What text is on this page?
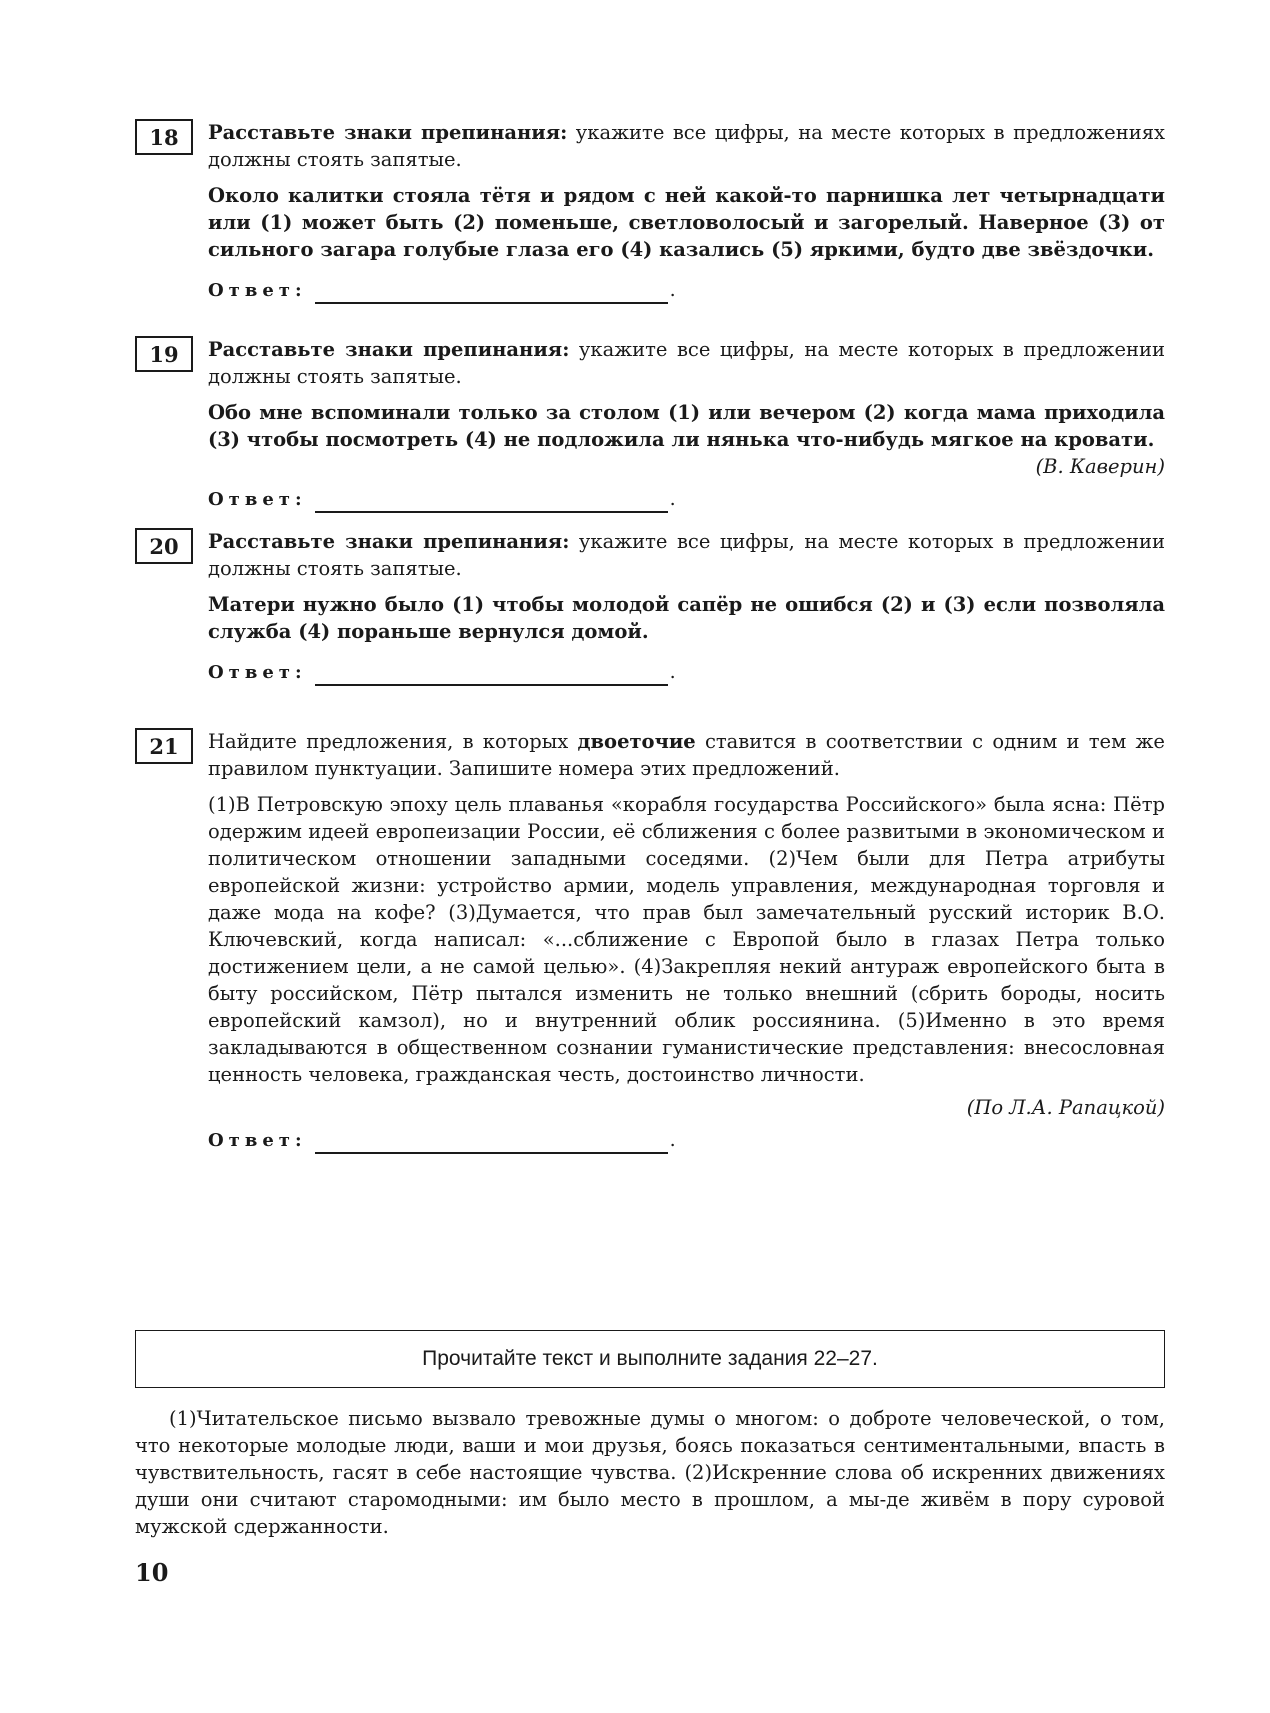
18	Расставьте знаки препинания: укажите все цифры, на месте которых в предложениях должны стоять запятые.
Около калитки стояла тётя и рядом с ней какой-то парнишка лет четырнадцати или (1) может быть (2) поменьше, светловолосый и загорелый. Наверное (3) от сильного загара голубые глаза его (4) казались (5) яркими, будто две звёздочки.
Ответ:	.
19	Расставьте знаки препинания: укажите все цифры, на месте которых в предложении должны стоять запятые.
Обо мне вспоминали только за столом (1) или вечером (2) когда мама приходила (3) чтобы посмотреть (4) не подложила ли нянька что-нибудь мягкое на кровати.
(В. Каверин)
Ответ:	.
20	Расставьте знаки препинания: укажите все цифры, на месте которых в предложении должны стоять запятые.
Матери нужно было (1) чтобы молодой сапёр не ошибся (2) и (3) если позволяла служба (4) пораньше вернулся домой.
Ответ:	.
21	Найдите предложения, в которых двоеточие ставится в соответствии с одним и тем же правилом пунктуации. Запишите номера этих предложений.
(1)В Петровскую эпоху цель плаванья «корабля государства Российского» была ясна: Пётр одержим идеей европеизации России, её сближения с более развитыми в экономическом и политическом отношении западными соседями. (2)Чем были для Петра атрибуты европейской жизни: устройство армии, модель управления, международная торговля и даже мода на кофе? (3)Думается, что прав был замечательный русский историк В.О. Ключевский, когда написал: «...сближение с Европой было в глазах Петра только достижением цели, а не самой целью». (4)Закрепляя некий антураж европейского быта в быту российском, Пётр пытался изменить не только внешний (сбрить бороды, носить европейский камзол), но и внутренний облик россиянина. (5)Именно в это время закладываются в общественном сознании гуманистические представления: внесословная ценность человека, гражданская честь, достоинство личности.
(По Л.А. Рапацкой)
Ответ:	.
Прочитайте текст и выполните задания 22–27.
(1)Читательское письмо вызвало тревожные думы о многом: о доброте человеческой, о том, что некоторые молодые люди, ваши и мои друзья, боясь показаться сентиментальными, впасть в чувствительность, гасят в себе настоящие чувства. (2)Искренние слова об искренних движениях души они считают старомодными: им было место в прошлом, а мы-де живём в пору суровой мужской сдержанности.
10
